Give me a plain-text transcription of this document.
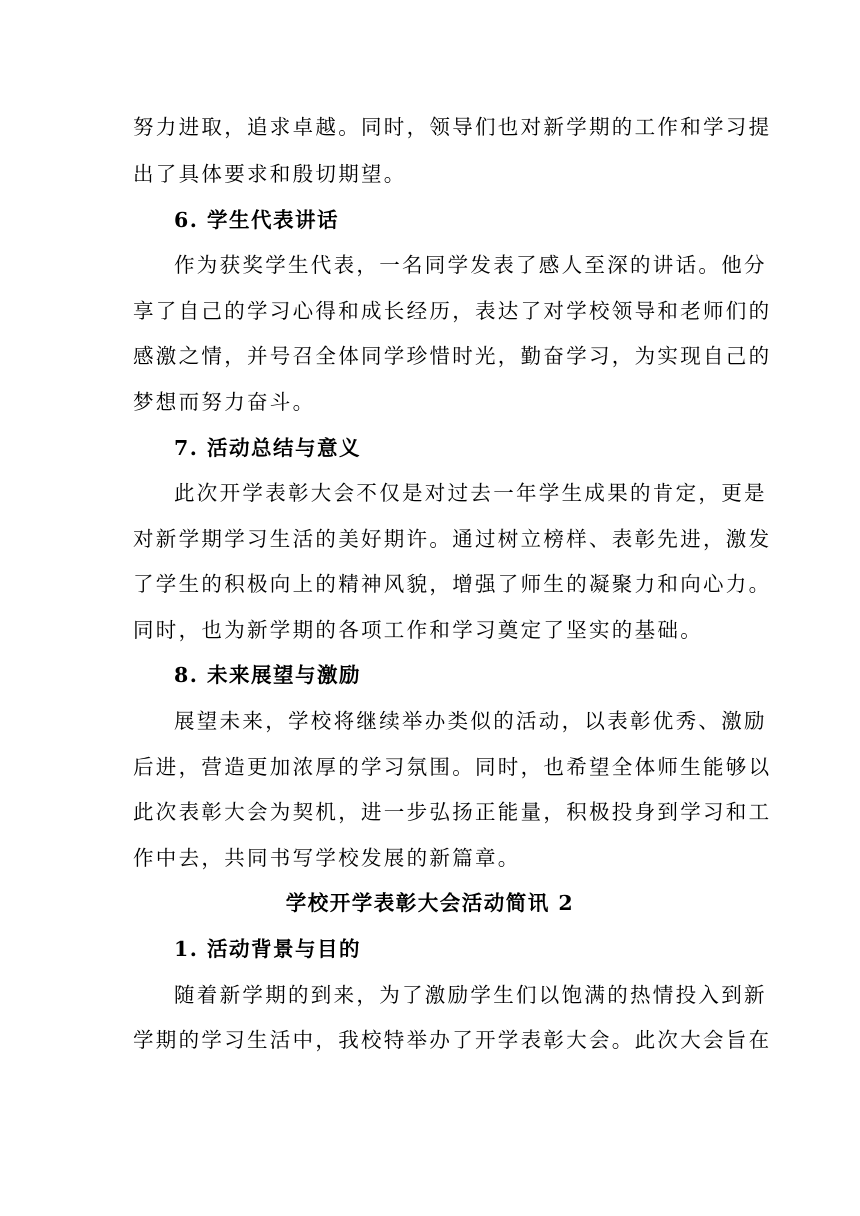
努力进取，追求卓越。同时，领导们也对新学期的工作和学习提
出了具体要求和殷切期望。
6. 学生代表讲话
作为获奖学生代表，一名同学发表了感人至深的讲话。他分
享了自己的学习心得和成长经历，表达了对学校领导和老师们的
感激之情，并号召全体同学珍惜时光，勤奋学习，为实现自己的
梦想而努力奋斗。
7. 活动总结与意义
此次开学表彰大会不仅是对过去一年学生成果的肯定，更是
对新学期学习生活的美好期许。通过树立榜样、表彰先进，激发
了学生的积极向上的精神风貌，增强了师生的凝聚力和向心力。
同时，也为新学期的各项工作和学习奠定了坚实的基础。
8. 未来展望与激励
展望未来，学校将继续举办类似的活动，以表彰优秀、激励
后进，营造更加浓厚的学习氛围。同时，也希望全体师生能够以
此次表彰大会为契机，进一步弘扬正能量，积极投身到学习和工
作中去，共同书写学校发展的新篇章。
学校开学表彰大会活动简讯 2
1. 活动背景与目的
随着新学期的到来，为了激励学生们以饱满的热情投入到新
学期的学习生活中，我校特举办了开学表彰大会。此次大会旨在
